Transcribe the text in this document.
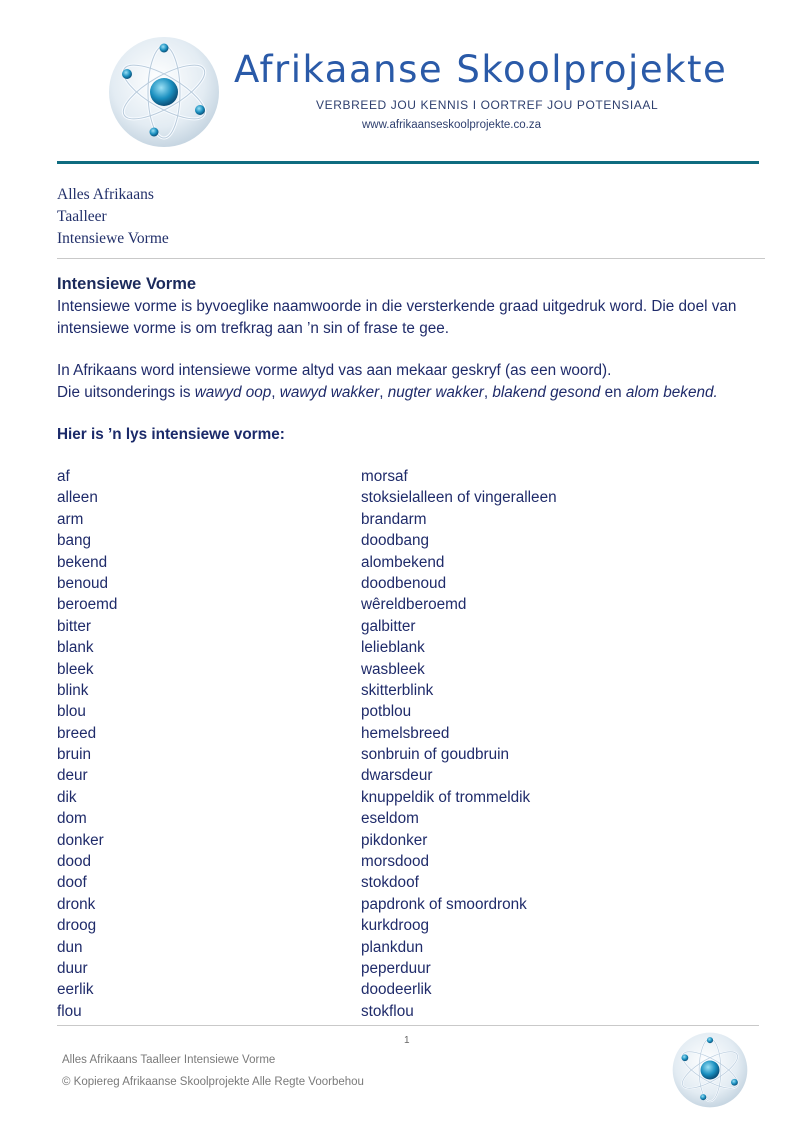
Afrikaanse Skoolprojekte
VERBREED JOU KENNIS I OORTREF JOU POTENSIAAL
www.afrikaanseskoolprojekte.co.za
Alles Afrikaans
Taalleer
Intensiewe Vorme
Intensiewe Vorme

Intensiewe vorme is byvoeglike naamwoorde in die versterkende graad uitgedruk word. Die doel van intensiewe vorme is om trefkrag aan ’n sin of frase te gee.

In Afrikaans word intensiewe vorme altyd vas aan mekaar geskryf (as een woord).
Die uitsonderings is wawyd oop, wawyd wakker, nugter wakker, blakend gesond en alom bekend.

Hier is ’n lys intensiewe vorme:
af	morsaf
alleen	stoksielalleen of vingeralleen
arm	brandarm
bang	doodbang
bekend	alombekend
benoud	doodbenoud
beroemd	wêreldberoemd
bitter	galbitter
blank	lelieblank
bleek	wasbleek
blink	skitterblink
blou	potblou
breed	hemelsbreed
bruin	sonbruin of goudbruin
deur	dwarsdeur
dik	knuppeldik of trommeldik
dom	eseldom
donker	pikdonker
dood	morsdood
doof	stokdoof
dronk	papdronk of smoordronk
droog	kurkdroog
dun	plankdun
duur	peperduur
eerlik	doodeerlik
flou	stokflou
1
Alles Afrikaans Taalleer Intensiewe Vorme
© Kopiereg Afrikaanse Skoolprojekte Alle Regte Voorbehou
